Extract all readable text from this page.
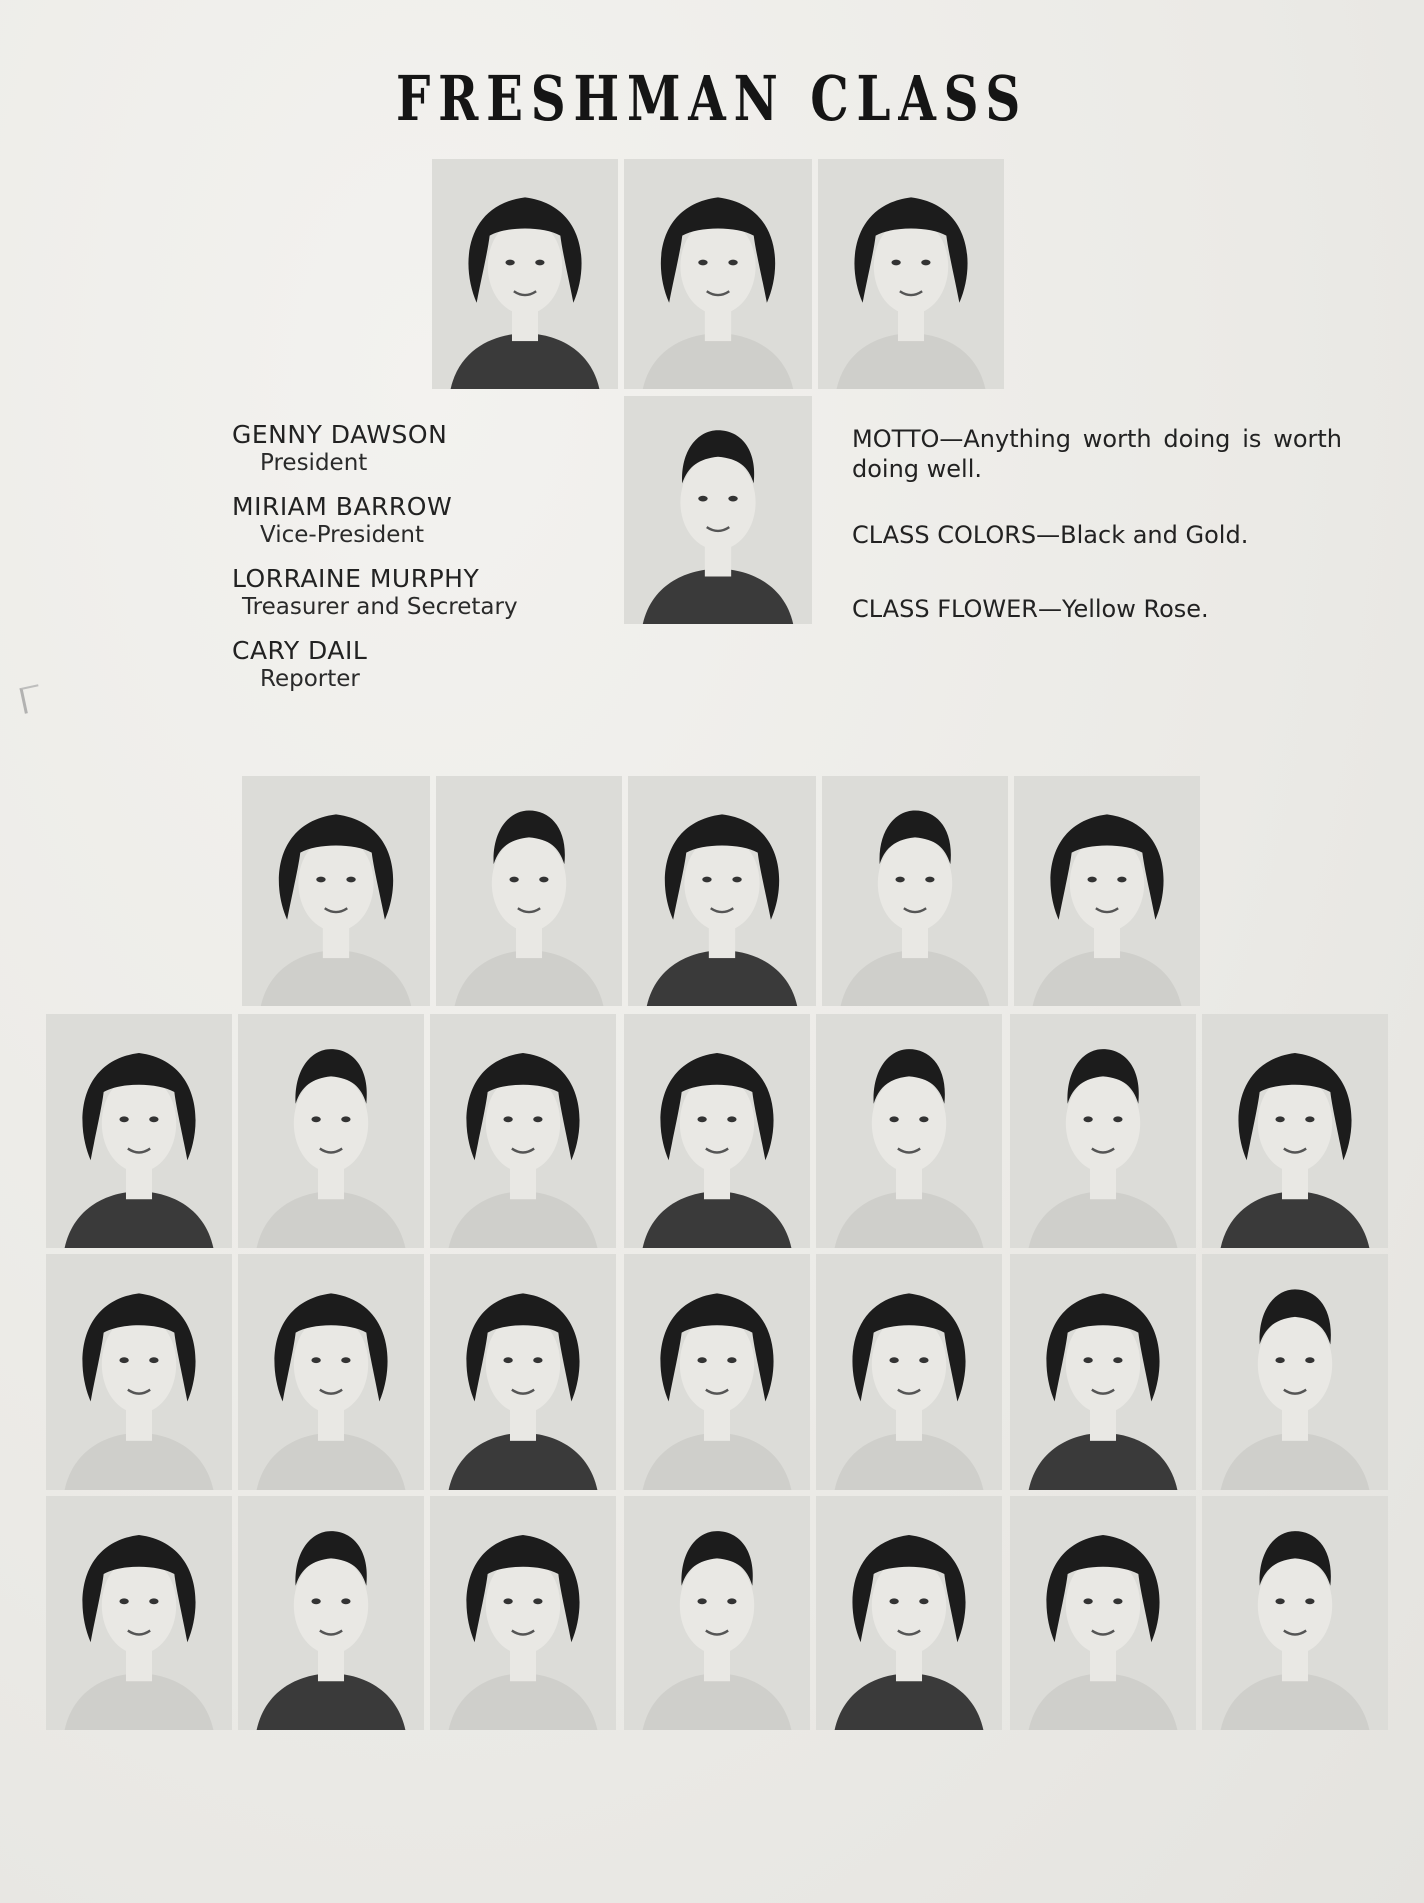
FRESHMAN CLASS
GENNY DAWSON
President
MIRIAM BARROW
Vice-President
LORRAINE MURPHY
Treasurer and Secretary
CARY DAIL
Reporter
MOTTO—Anything worth doing is worth doing well.
CLASS COLORS—Black and Gold.
CLASS FLOWER—Yellow Rose.
